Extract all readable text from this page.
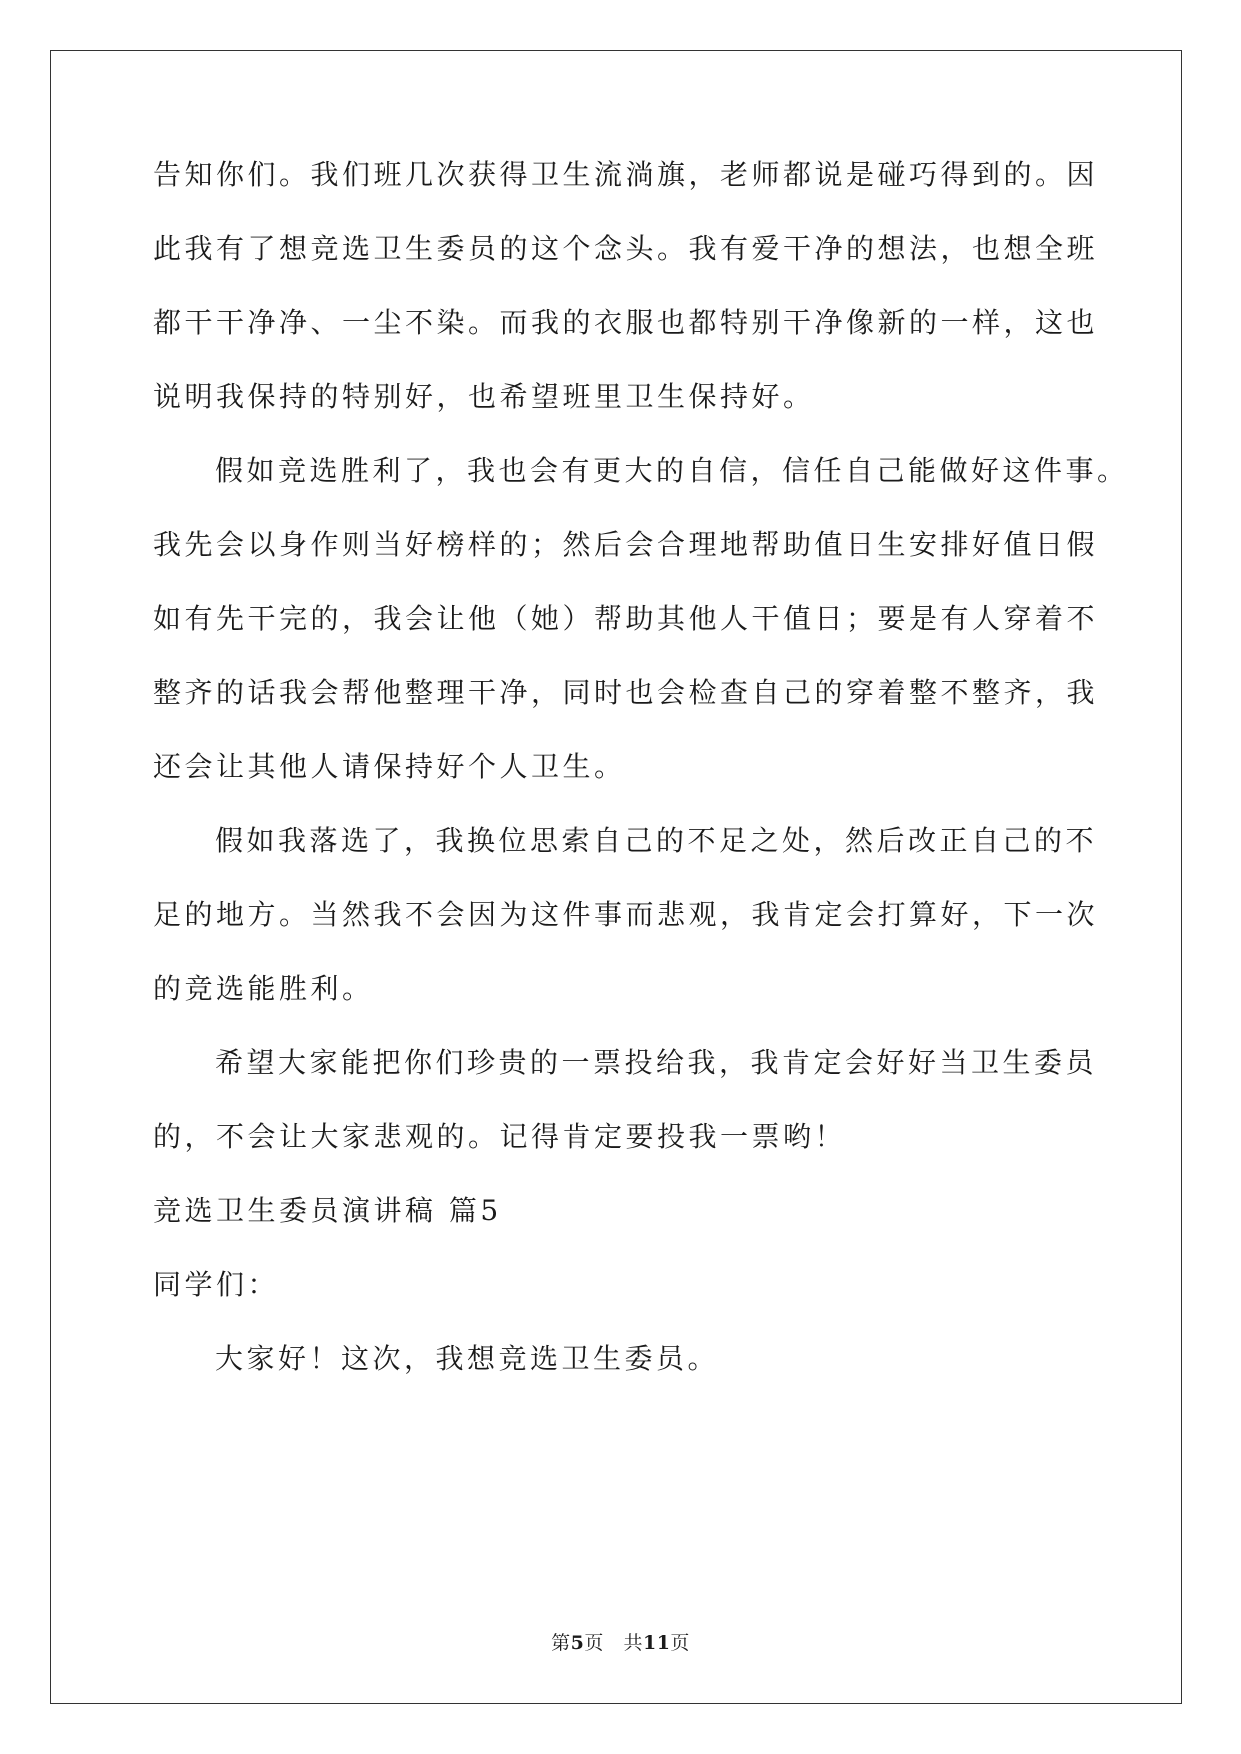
告知你们。我们班几次获得卫生流淌旗，老师都说是碰巧得到的。因
此我有了想竞选卫生委员的这个念头。我有爱干净的想法，也想全班
都干干净净、一尘不染。而我的衣服也都特别干净像新的一样，这也
说明我保持的特别好，也希望班里卫生保持好。
假如竞选胜利了，我也会有更大的自信，信任自己能做好这件事。
我先会以身作则当好榜样的；然后会合理地帮助值日生安排好值日假
如有先干完的，我会让他（她）帮助其他人干值日；要是有人穿着不
整齐的话我会帮他整理干净，同时也会检查自己的穿着整不整齐，我
还会让其他人请保持好个人卫生。
假如我落选了，我换位思索自己的不足之处，然后改正自己的不
足的地方。当然我不会因为这件事而悲观，我肯定会打算好，下一次
的竞选能胜利。
希望大家能把你们珍贵的一票投给我，我肯定会好好当卫生委员
的，不会让大家悲观的。记得肯定要投我一票哟！
竞选卫生委员演讲稿 篇5
同学们：
大家好！这次，我想竞选卫生委员。
第5页 共11页
